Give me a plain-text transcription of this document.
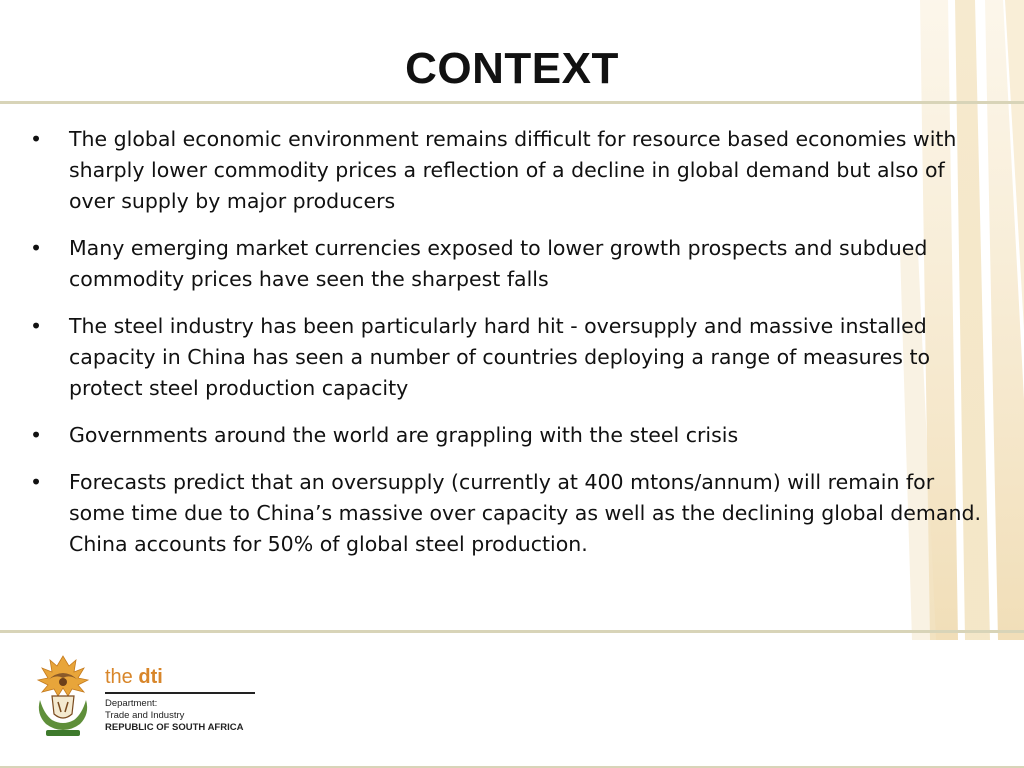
CONTEXT
• The global economic environment remains difficult for resource based economies with sharply lower commodity prices a reflection of a decline in global demand but also of over supply by major producers
• Many emerging market currencies exposed to lower growth prospects and subdued commodity prices have seen the sharpest falls
• The steel industry has been particularly hard hit - oversupply and massive installed capacity in China has seen a number of countries deploying a range of measures to protect steel production capacity
• Governments around the world are grappling with the steel crisis
• Forecasts predict that an oversupply (currently at 400 mtons/annum) will remain for some time due to China’s massive over capacity as well as the declining global demand. China accounts for 50% of global steel production.
the dti
Department:
Trade and Industry
REPUBLIC OF SOUTH AFRICA
